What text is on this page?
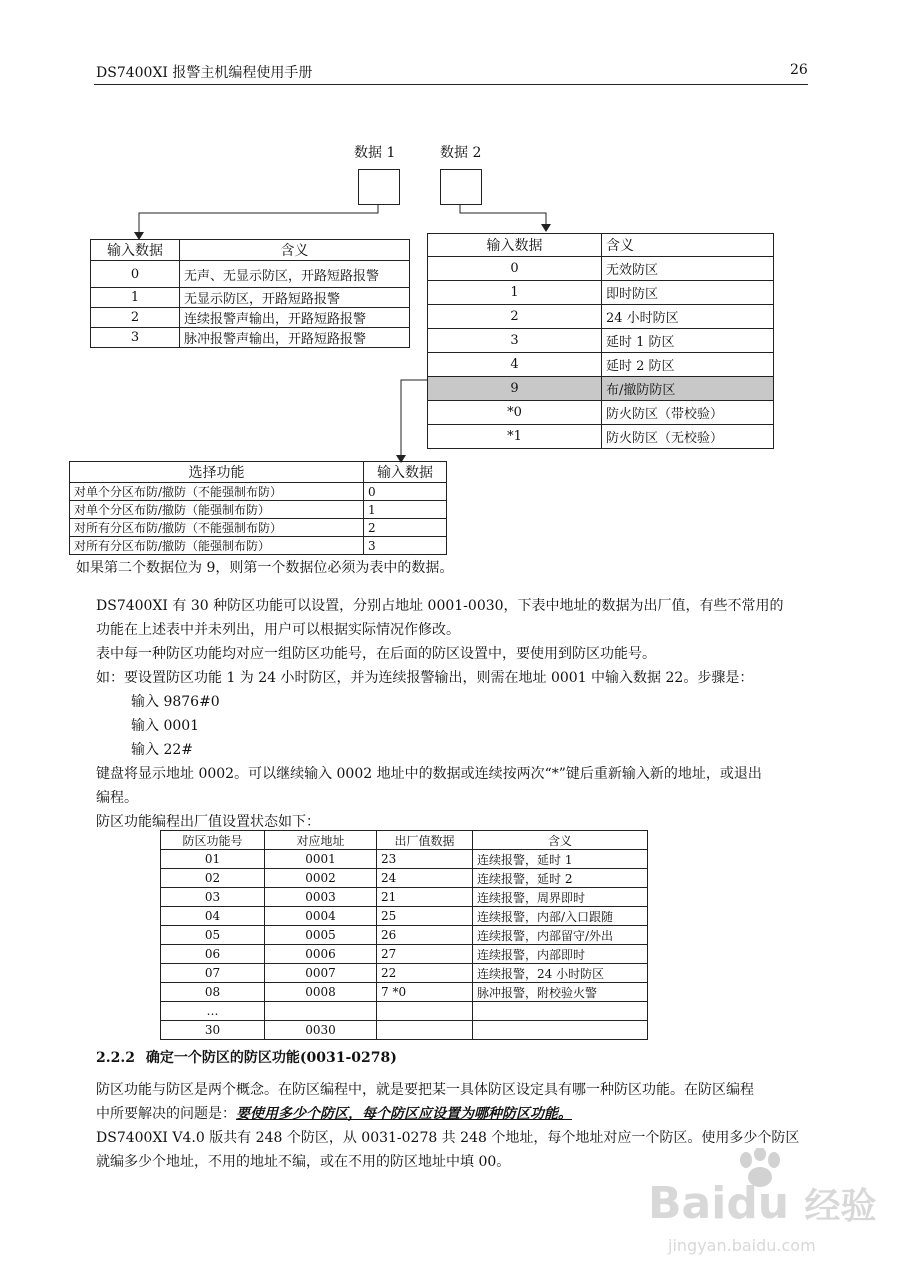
DS7400XI 报警主机编程使用手册	26
数据 1	数据 2
输入数据	含义
0	无声、无显示防区，开路短路报警
1	无显示防区，开路短路报警
2	连续报警声输出，开路短路报警
3	脉冲报警声输出，开路短路报警
输入数据	含义
0	无效防区
1	即时防区
2	24 小时防区
3	延时 1 防区
4	延时 2 防区
9	布/撤防防区
*0	防火防区（带校验）
*1	防火防区（无校验）
选择功能	输入数据
对单个分区布防/撤防（不能强制布防）	0
对单个分区布防/撤防（能强制布防）	1
对所有分区布防/撤防（不能强制布防）	2
对所有分区布防/撤防（能强制布防）	3
如果第二个数据位为 9，则第一个数据位必须为表中的数据。
DS7400XI 有 30 种防区功能可以设置，分别占地址 0001-0030，下表中地址的数据为出厂值，有些不常用的
功能在上述表中并未列出，用户可以根据实际情况作修改。
表中每一种防区功能均对应一组防区功能号，在后面的防区设置中，要使用到防区功能号。
如：要设置防区功能 1 为 24 小时防区，并为连续报警输出，则需在地址 0001 中输入数据 22。步骤是：
输入 9876#0
输入 0001
输入 22#
键盘将显示地址 0002。可以继续输入 0002 地址中的数据或连续按两次“*”键后重新输入新的地址，或退出
编程。
防区功能编程出厂值设置状态如下：
防区功能号	对应地址	出厂值数据	含义
01	0001	23	连续报警，延时 1
02	0002	24	连续报警，延时 2
03	0003	21	连续报警，周界即时
04	0004	25	连续报警，内部/入口跟随
05	0005	26	连续报警，内部留守/外出
06	0006	27	连续报警，内部即时
07	0007	22	连续报警，24 小时防区
08	0008	7 *0	脉冲报警，附校验火警
…			
30	0030		
2.2.2 确定一个防区的防区功能(0031-0278)
防区功能与防区是两个概念。在防区编程中，就是要把某一具体防区设定具有哪一种防区功能。在防区编程
中所要解决的问题是：要使用多少个防区，每个防区应设置为哪种防区功能。
DS7400XI V4.0 版共有 248 个防区，从 0031-0278 共 248 个地址，每个地址对应一个防区。使用多少个防区
就编多少个地址，不用的地址不编，或在不用的防区地址中填 00。
Baidu 经验
jingyan.baidu.com
